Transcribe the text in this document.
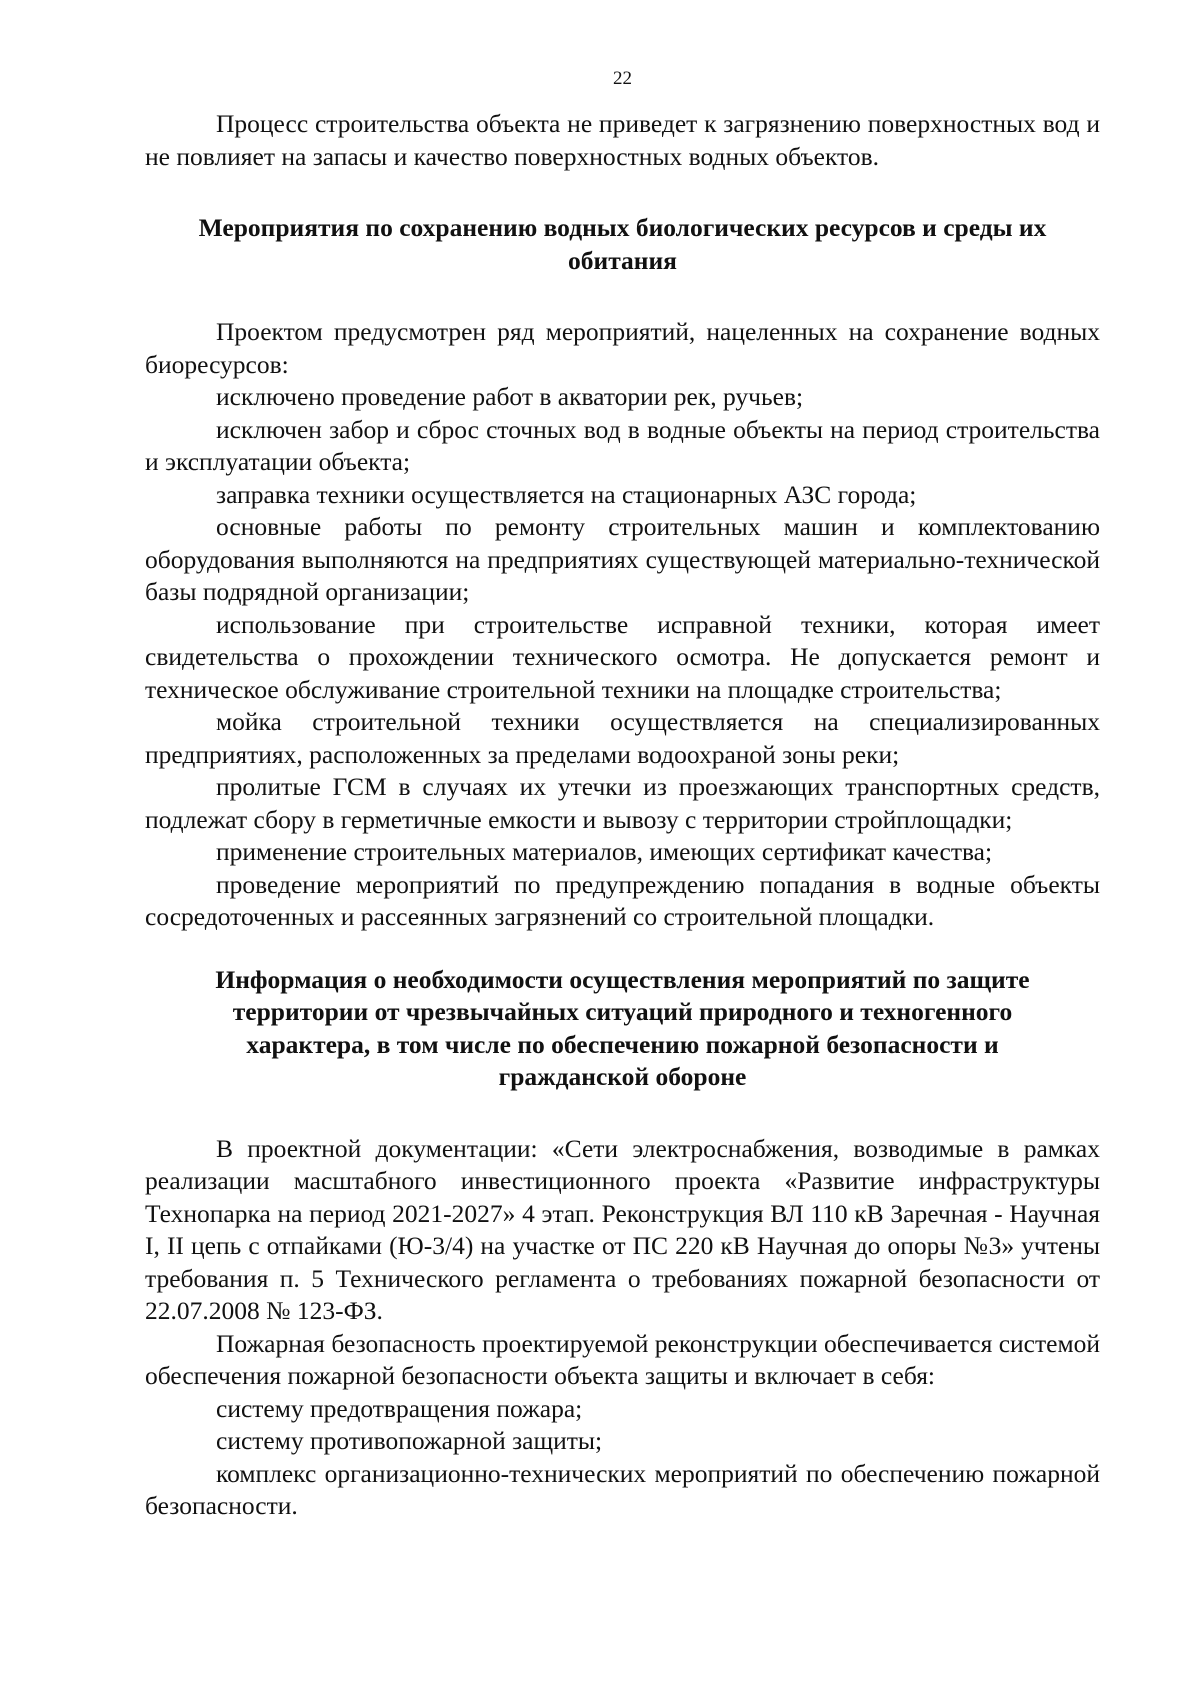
22

Процесс строительства объекта не приведет к загрязнению поверхностных вод и не повлияет на запасы и качество поверхностных водных объектов.

Мероприятия по сохранению водных биологических ресурсов и среды их обитания

Проектом предусмотрен ряд мероприятий, нацеленных на сохранение водных биоресурсов:

исключено проведение работ в акватории рек, ручьев;

исключен забор и сброс сточных вод в водные объекты на период строительства и эксплуатации объекта;

заправка техники осуществляется на стационарных АЗС города;

основные работы по ремонту строительных машин и комплектованию оборудования выполняются на предприятиях существующей материально-технической базы подрядной организации;

использование при строительстве исправной техники, которая имеет свидетельства о прохождении технического осмотра. Не допускается ремонт и техническое обслуживание строительной техники на площадке строительства;

мойка строительной техники осуществляется на специализированных предприятиях, расположенных за пределами водоохраной зоны реки;

пролитые ГСМ в случаях их утечки из проезжающих транспортных средств, подлежат сбору в герметичные емкости и вывозу с территории стройплощадки;

применение строительных материалов, имеющих сертификат качества;

проведение мероприятий по предупреждению попадания в водные объекты сосредоточенных и рассеянных загрязнений со строительной площадки.

Информация о необходимости осуществления мероприятий по защите территории от чрезвычайных ситуаций природного и техногенного характера, в том числе по обеспечению пожарной безопасности и гражданской обороне

В проектной документации: «Сети электроснабжения, возводимые в рамках реализации масштабного инвестиционного проекта «Развитие инфраструктуры Технопарка на период 2021-2027» 4 этап. Реконструкция ВЛ 110 кВ Заречная - Научная I, II цепь с отпайками (Ю-3/4) на участке от ПС 220 кВ Научная до опоры №3» учтены требования п. 5 Технического регламента о требованиях пожарной безопасности от 22.07.2008 № 123-ФЗ.

Пожарная безопасность проектируемой реконструкции обеспечивается системой обеспечения пожарной безопасности объекта защиты и включает в себя:

систему предотвращения пожара;

систему противопожарной защиты;

комплекс организационно-технических мероприятий по обеспечению пожарной безопасности.
